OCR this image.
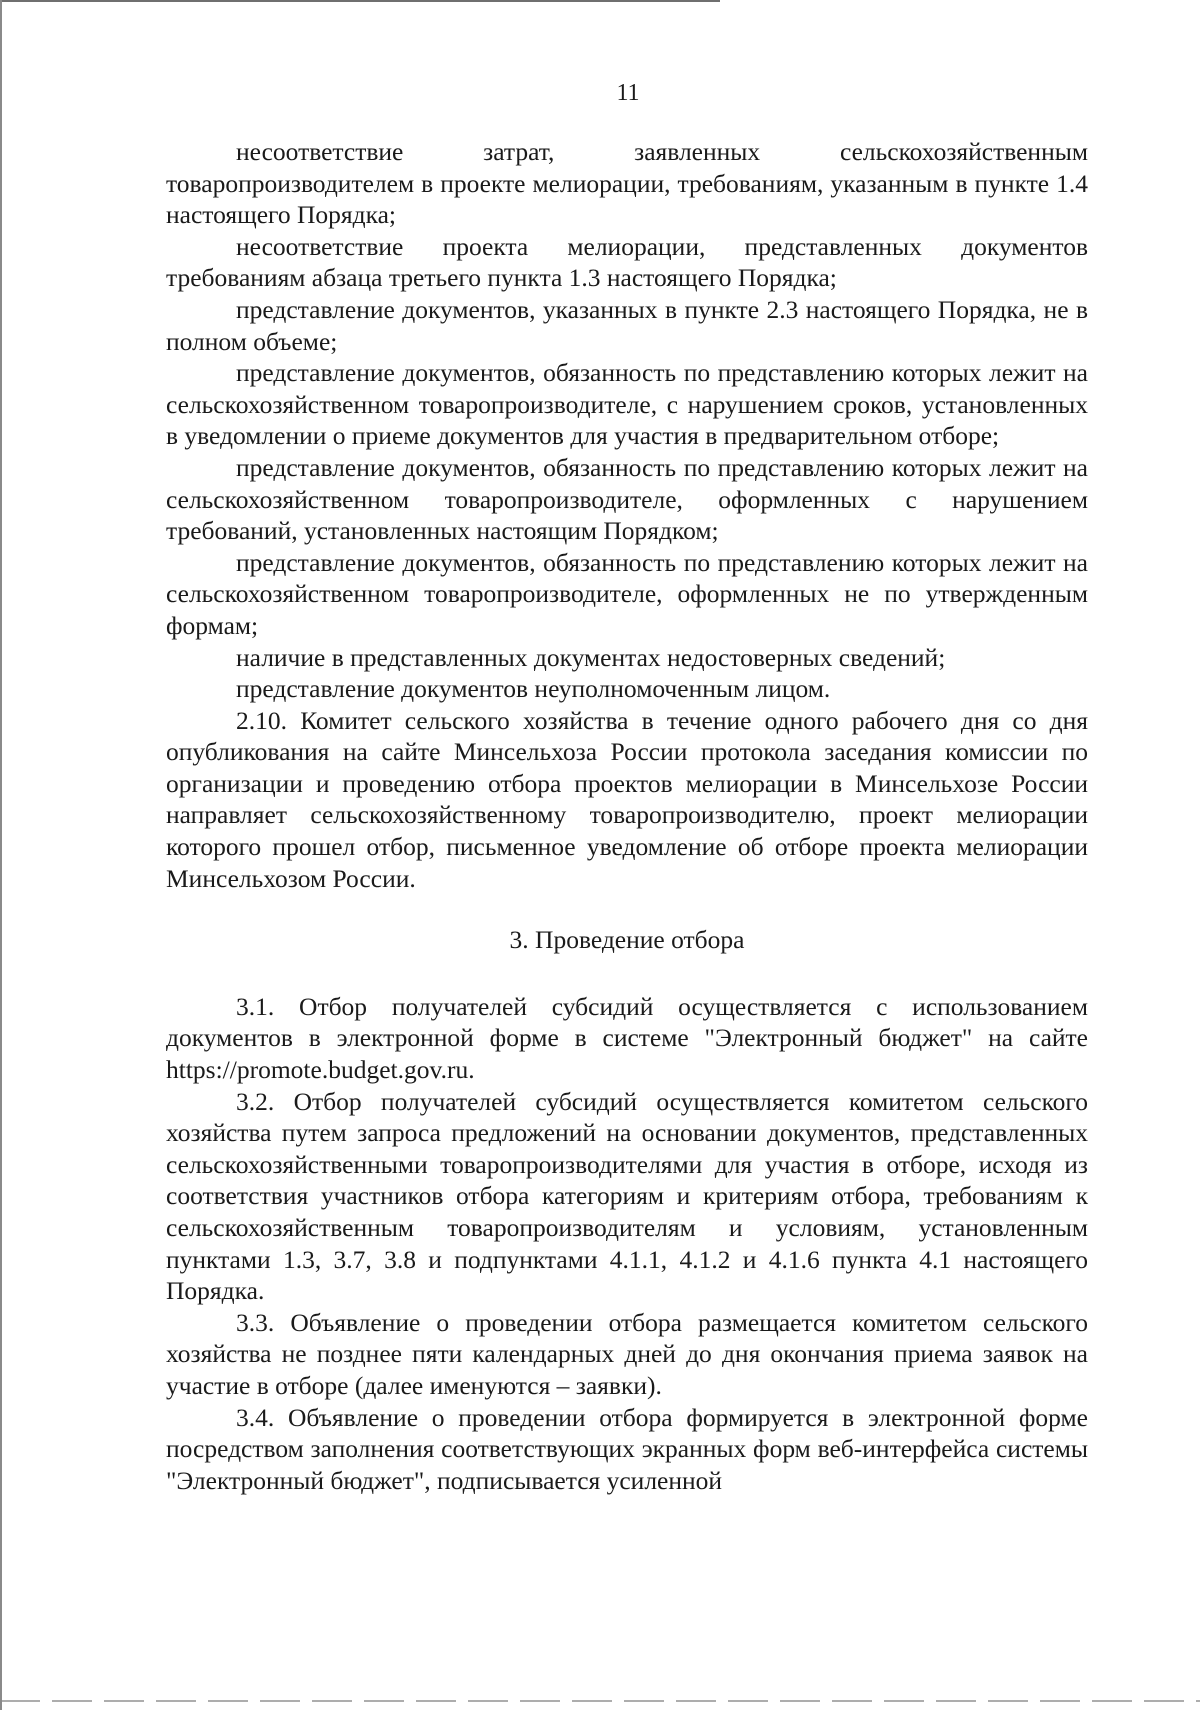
11

несоответствие затрат, заявленных сельскохозяйственным товаропроизводителем в проекте мелиорации, требованиям, указанным в пункте 1.4 настоящего Порядка;

несоответствие проекта мелиорации, представленных документов требованиям абзаца третьего пункта 1.3 настоящего Порядка;

представление документов, указанных в пункте 2.3 настоящего Порядка, не в полном объеме;

представление документов, обязанность по представлению которых лежит на сельскохозяйственном товаропроизводителе, с нарушением сроков, установленных в уведомлении о приеме документов для участия в предварительном отборе;

представление документов, обязанность по представлению которых лежит на сельскохозяйственном товаропроизводителе, оформленных с нарушением требований, установленных настоящим Порядком;

представление документов, обязанность по представлению которых лежит на сельскохозяйственном товаропроизводителе, оформленных не по утвержденным формам;

наличие в представленных документах недостоверных сведений;

представление документов неуполномоченным лицом.

2.10. Комитет сельского хозяйства в течение одного рабочего дня со дня опубликования на сайте Минсельхоза России протокола заседания комиссии по организации и проведению отбора проектов мелиорации в Минсельхозе России направляет сельскохозяйственному товаропроизводителю, проект мелиорации которого прошел отбор, письменное уведомление об отборе проекта мелиорации Минсельхозом России.

3. Проведение отбора

3.1. Отбор получателей субсидий осуществляется с использованием документов в электронной форме в системе "Электронный бюджет" на сайте https://promote.budget.gov.ru.

3.2. Отбор получателей субсидий осуществляется комитетом сельского хозяйства путем запроса предложений на основании документов, представленных сельскохозяйственными товаропроизводителями для участия в отборе, исходя из соответствия участников отбора категориям и критериям отбора, требованиям к сельскохозяйственным товаропроизводителям и условиям, установленным пунктами 1.3, 3.7, 3.8 и подпунктами 4.1.1, 4.1.2 и 4.1.6 пункта 4.1 настоящего Порядка.

3.3. Объявление о проведении отбора размещается комитетом сельского хозяйства не позднее пяти календарных дней до дня окончания приема заявок на участие в отборе (далее именуются – заявки).

3.4. Объявление о проведении отбора формируется в электронной форме посредством заполнения соответствующих экранных форм веб-интерфейса системы "Электронный бюджет", подписывается усиленной
